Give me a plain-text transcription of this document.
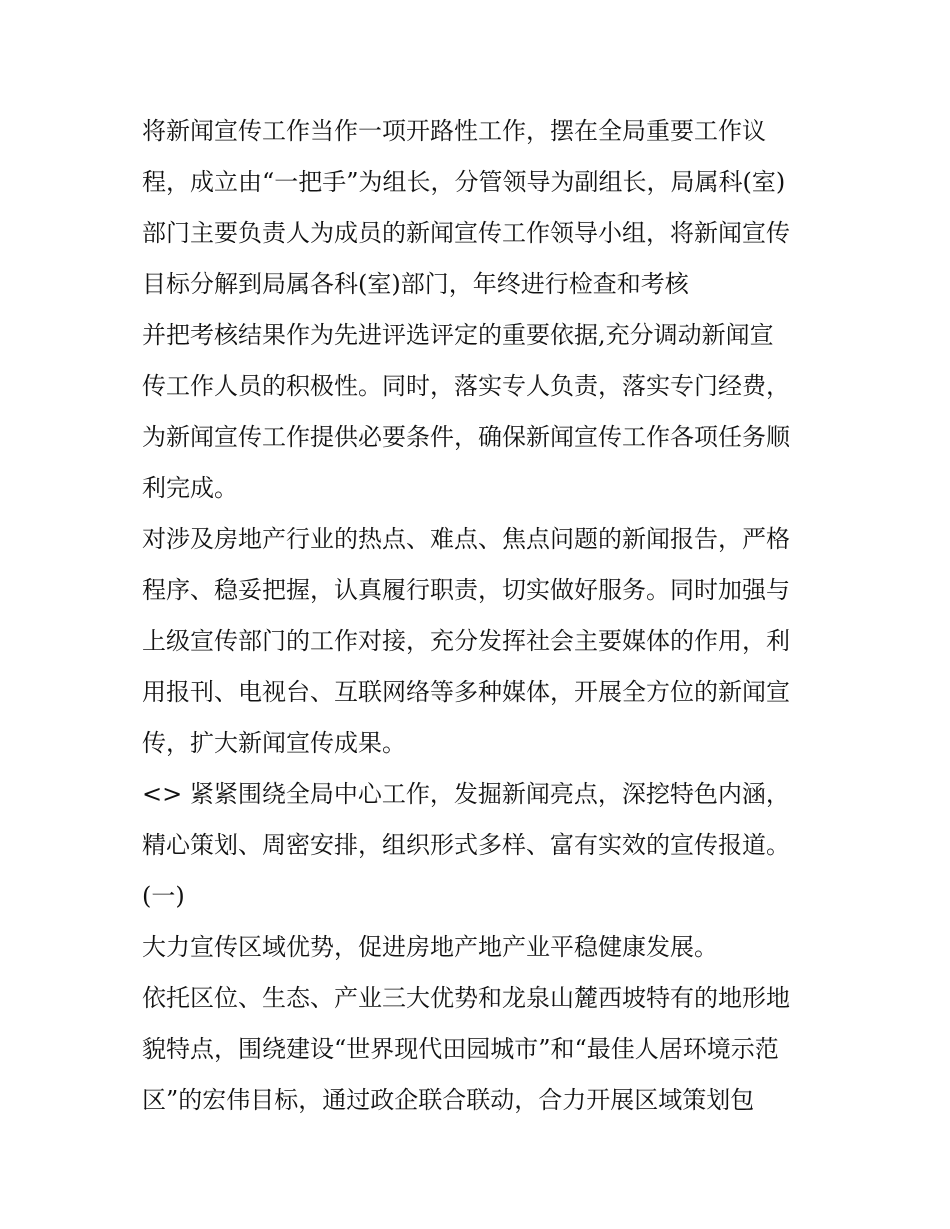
将新闻宣传工作当作一项开路性工作，摆在全局重要工作议
程，成立由“一把手”为组长，分管领导为副组长，局属科(室)
部门主要负责人为成员的新闻宣传工作领导小组，将新闻宣传
目标分解到局属各科(室)部门，年终进行检查和考核
并把考核结果作为先进评选评定的重要依据,充分调动新闻宣
传工作人员的积极性。同时，落实专人负责，落实专门经费，
为新闻宣传工作提供必要条件，确保新闻宣传工作各项任务顺
利完成。
对涉及房地产行业的热点、难点、焦点问题的新闻报告，严格
程序、稳妥把握，认真履行职责，切实做好服务。同时加强与
上级宣传部门的工作对接，充分发挥社会主要媒体的作用，利
用报刊、电视台、互联网络等多种媒体，开展全方位的新闻宣
传，扩大新闻宣传成果。
<> 紧紧围绕全局中心工作，发掘新闻亮点，深挖特色内涵，
精心策划、周密安排，组织形式多样、富有实效的宣传报道。
(一)
大力宣传区域优势，促进房地产地产业平稳健康发展。
依托区位、生态、产业三大优势和龙泉山麓西坡特有的地形地
貌特点，围绕建设“世界现代田园城市”和“最佳人居环境示范
区”的宏伟目标，通过政企联合联动，合力开展区域策划包
